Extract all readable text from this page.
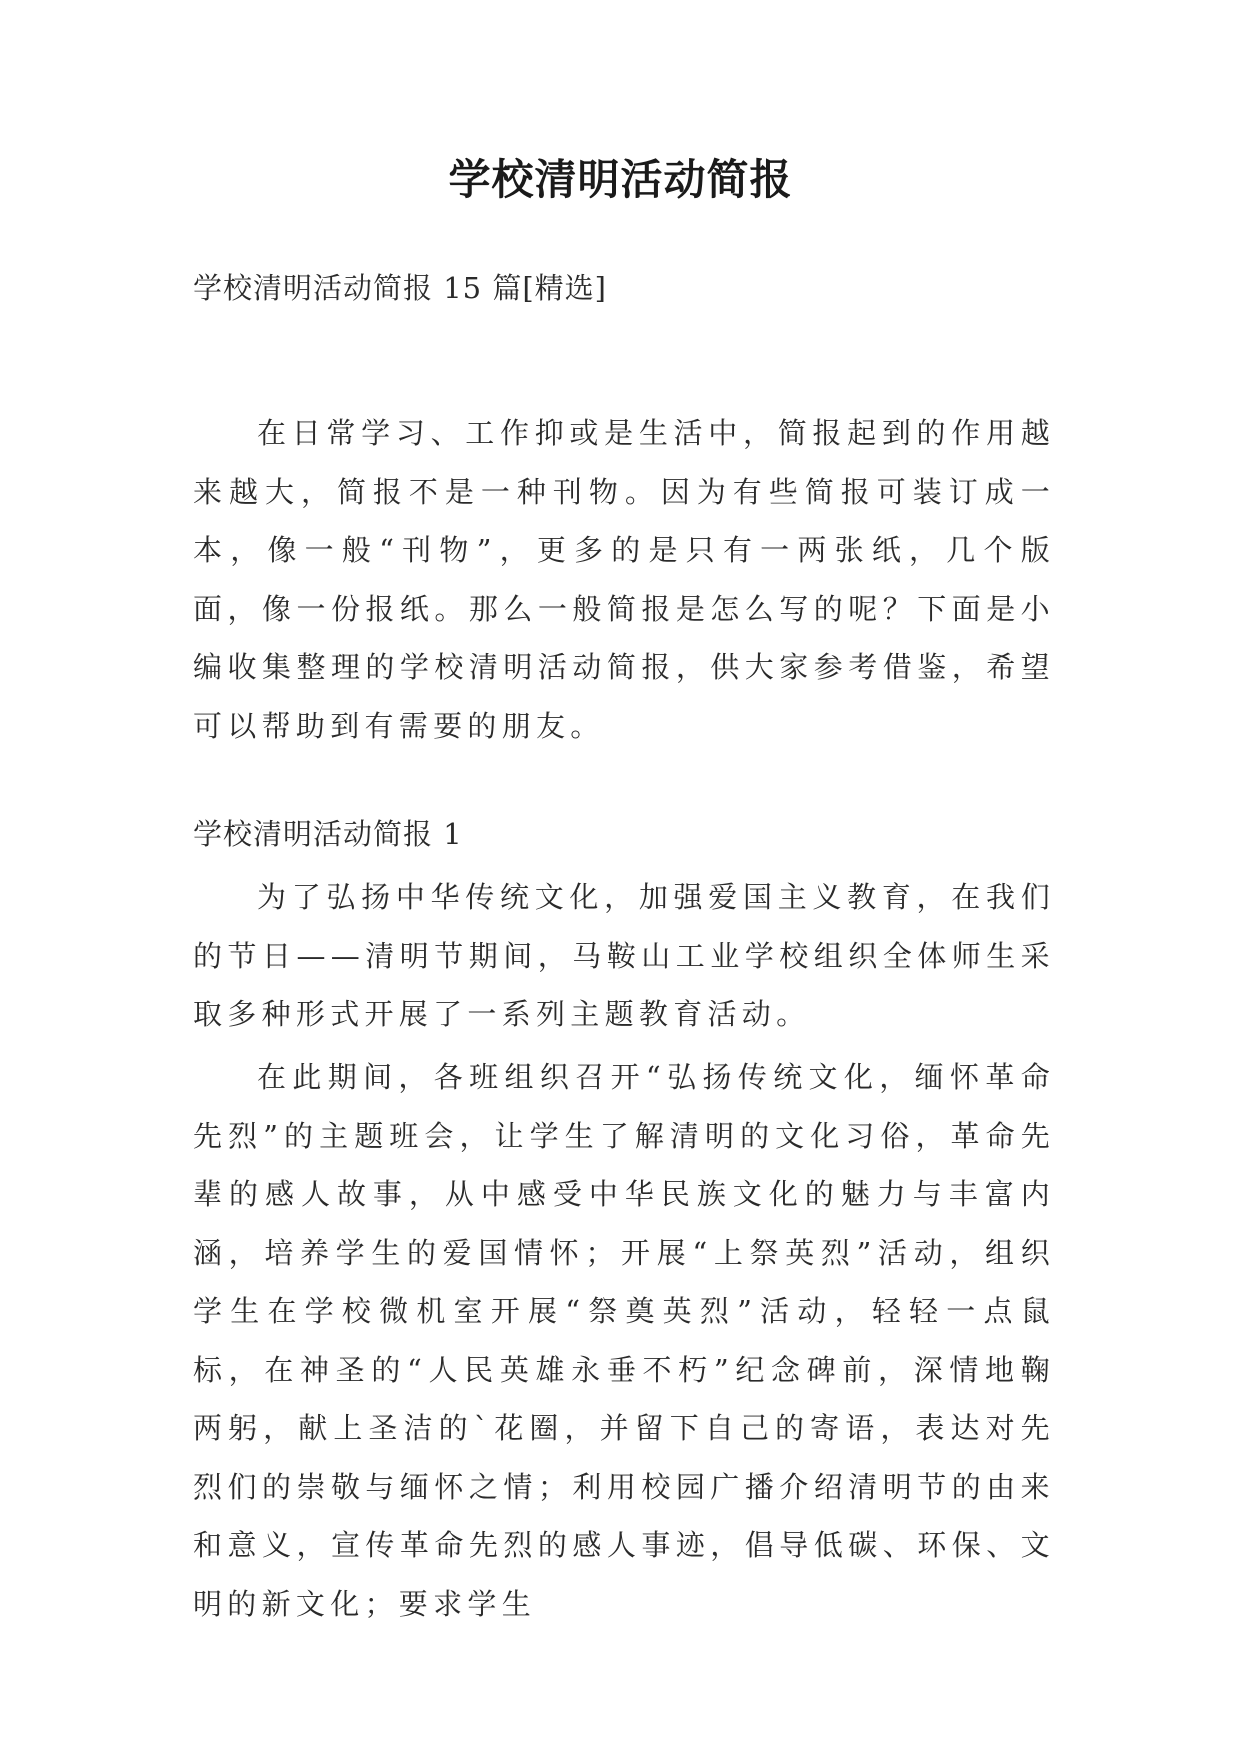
学校清明活动简报
学校清明活动简报 15 篇[精选]

在日常学习、工作抑或是生活中，简报起到的作用越来越大，简报不是一种刊物。因为有些简报可装订成一本，像一般“刊物”，更多的是只有一两张纸，几个版面，像一份报纸。那么一般简报是怎么写的呢？下面是小编收集整理的学校清明活动简报，供大家参考借鉴，希望可以帮助到有需要的朋友。

学校清明活动简报 1

为了弘扬中华传统文化，加强爱国主义教育，在我们的节日——清明节期间，马鞍山工业学校组织全体师生采取多种形式开展了一系列主题教育活动。

在此期间，各班组织召开“弘扬传统文化，缅怀革命先烈”的主题班会，让学生了解清明的文化习俗，革命先辈的感人故事，从中感受中华民族文化的魅力与丰富内涵，培养学生的爱国情怀；开展“上祭英烈”活动，组织学生在学校微机室开展“祭奠英烈”活动，轻轻一点鼠标，在神圣的“人民英雄永垂不朽”纪念碑前，深情地鞠两躬，献上圣洁的`花圈，并留下自己的寄语，表达对先烈们的崇敬与缅怀之情；利用校园广播介绍清明节的由来和意义，宣传革命先烈的感人事迹，倡导低碳、环保、文明的新文化；要求学生
